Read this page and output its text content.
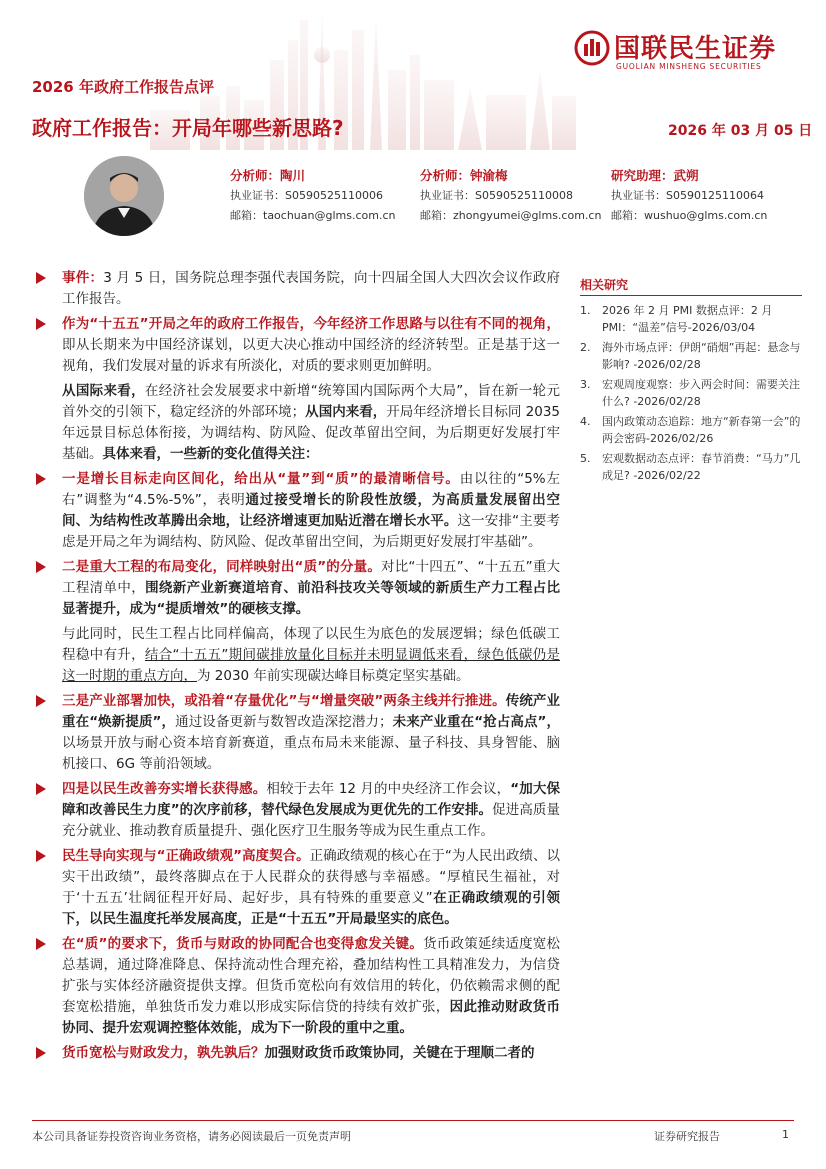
国联民生证券
GUOLIAN MINSHENG SECURITIES
2026 年政府工作报告点评
政府工作报告：开局年哪些新思路?	2026 年 03 月 05 日
分析师：陶川
执业证书：S0590525110006
邮箱：taochuan@glms.com.cn
分析师：钟渝梅
执业证书：S0590525110008
邮箱：zhongyumei@glms.com.cn
研究助理：武朔
执业证书：S0590125110064
邮箱：wushuo@glms.com.cn
事件：3 月 5 日，国务院总理李强代表国务院，向十四届全国人大四次会议作政府工作报告。
作为“十五五”开局之年的政府工作报告，今年经济工作思路与以往有不同的视角，即从长期来为中国经济谋划，以更大决心推动中国经济的经济转型。正是基于这一视角，我们发展对量的诉求有所淡化，对质的要求则更加鲜明。
从国际来看，在经济社会发展要求中新增“统筹国内国际两个大局”，旨在新一轮元首外交的引领下，稳定经济的外部环境；从国内来看，开局年经济增长目标同 2035 年远景目标总体衔接，为调结构、防风险、促改革留出空间，为后期更好发展打牢基础。具体来看，一些新的变化值得关注：
一是增长目标走向区间化，给出从“量”到“质”的最清晰信号。由以往的“5%左右”调整为“4.5%-5%”，表明通过接受增长的阶段性放缓，为高质量发展留出空间、为结构性改革腾出余地，让经济增速更加贴近潜在增长水平。这一安排“主要考虑是开局之年为调结构、防风险、促改革留出空间，为后期更好发展打牢基础”。
二是重大工程的布局变化，同样映射出“质”的分量。对比“十四五”、“十五五”重大工程清单中，围绕新产业新赛道培育、前沿科技攻关等领域的新质生产力工程占比显著提升，成为“提质增效”的硬核支撑。
与此同时，民生工程占比同样偏高，体现了以民生为底色的发展逻辑；绿色低碳工程稳中有升，结合“十五五”期间碳排放量化目标并未明显调低来看，绿色低碳仍是这一时期的重点方向，为 2030 年前实现碳达峰目标奠定坚实基础。
三是产业部署加快，或沿着“存量优化”与“增量突破”两条主线并行推进。传统产业重在“焕新提质”，通过设备更新与数智改造深挖潜力；未来产业重在“抢占高点”，以场景开放与耐心资本培育新赛道，重点布局未来能源、量子科技、具身智能、脑机接口、6G 等前沿领域。
四是以民生改善夯实增长获得感。相较于去年 12 月的中央经济工作会议，“加大保障和改善民生力度”的次序前移，替代绿色发展成为更优先的工作安排。促进高质量充分就业、推动教育质量提升、强化医疗卫生服务等成为民生重点工作。
民生导向实现与“正确政绩观”高度契合。正确政绩观的核心在于“为人民出政绩、以实干出政绩”，最终落脚点在于人民群众的获得感与幸福感。“厚植民生福祉，对于‘十五五’壮阔征程开好局、起好步，具有特殊的重要意义”在正确政绩观的引领下，以民生温度托举发展高度，正是“十五五”开局最坚实的底色。
在“质”的要求下，货币与财政的协同配合也变得愈发关键。货币政策延续适度宽松总基调，通过降准降息、保持流动性合理充裕，叠加结构性工具精准发力，为信贷扩张与实体经济融资提供支撑。但货币宽松向有效信用的转化，仍依赖需求侧的配套宽松措施，单独货币发力难以形成实际信贷的持续有效扩张，因此推动财政货币协同、提升宏观调控整体效能，成为下一阶段的重中之重。
货币宽松与财政发力，孰先孰后？加强财政货币政策协同，关键在于理顺二者的
相关研究
1. 2026 年 2 月 PMI 数据点评：2 月 PMI：“温差”信号-2026/03/04
2. 海外市场点评：伊朗“硝烟”再起：悬念与影响? -2026/02/28
3. 宏观周度观察：步入两会时间：需要关注什么? -2026/02/28
4. 国内政策动态追踪：地方“新春第一会”的两会密码-2026/02/26
5. 宏观数据动态点评：春节消费：“马力”几成足? -2026/02/22
本公司具备证券投资咨询业务资格，请务必阅读最后一页免责声明	证券研究报告	1
